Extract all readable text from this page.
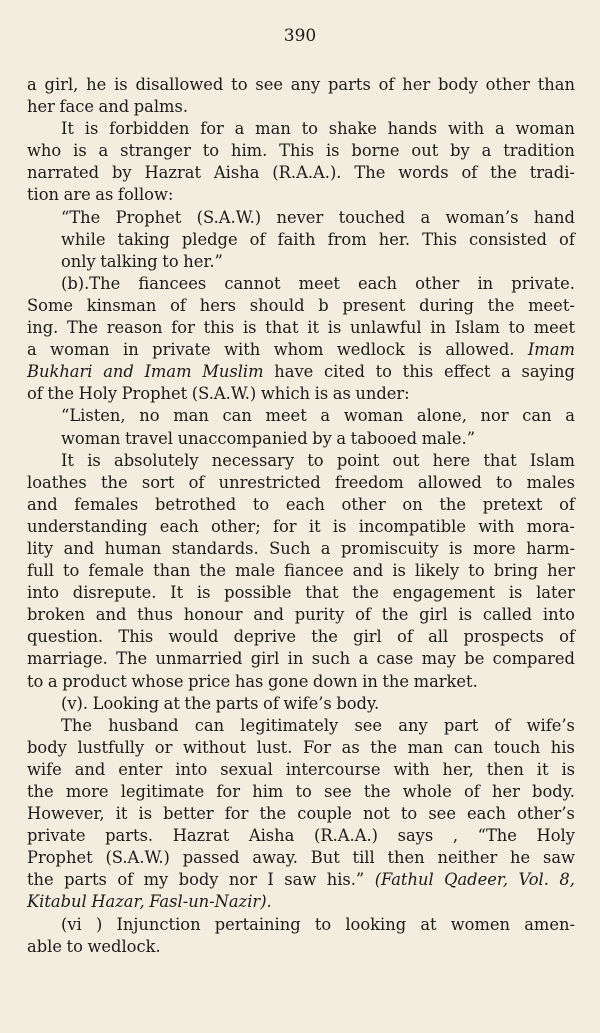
390
a girl, he is disallowed to see any parts of her body other than
her face and palms.
It is forbidden for a man to shake hands with a woman
who is a stranger to him. This is borne out by a tradition
narrated by Hazrat Aisha (R.A.A.). The words of the tradi-
tion are as follow:
“The Prophet (S.A.W.) never touched a woman’s hand
while taking pledge of faith from her. This consisted of
only talking to her.”
(b).The fiancees cannot meet each other in private.
Some kinsman of hers should b present during the meet-
ing. The reason for this is that it is unlawful in Islam to meet
a woman in private with whom wedlock is allowed. Imam
Bukhari and Imam Muslim have cited to this effect a saying
of the Holy Prophet (S.A.W.) which is as under:
“Listen, no man can meet a woman alone, nor can a
woman travel unaccompanied by a tabooed male.”
It is absolutely necessary to point out here that Islam
loathes the sort of unrestricted freedom allowed to males
and females betrothed to each other on the pretext of
understanding each other; for it is incompatible with mora-
lity and human standards. Such a promiscuity is more harm-
full to female than the male fiancee and is likely to bring her
into disrepute. It is possible that the engagement is later
broken and thus honour and purity of the girl is called into
question. This would deprive the girl of all prospects of
marriage. The unmarried girl in such a case may be compared
to a product whose price has gone down in the market.
(v). Looking at the parts of wife’s body.
The husband can legitimately see any part of wife’s
body lustfully or without lust. For as the man can touch his
wife and enter into sexual intercourse with her, then it is
the more legitimate for him to see the whole of her body.
However, it is better for the couple not to see each other’s
private parts. Hazrat Aisha (R.A.A.) says , “The Holy
Prophet (S.A.W.) passed away. But till then neither he saw
the parts of my body nor I saw his.” (Fathul Qadeer, Vol. 8,
Kitabul Hazar, Fasl-un-Nazir).
(vi ) Injunction pertaining to looking at women amen-
able to wedlock.
